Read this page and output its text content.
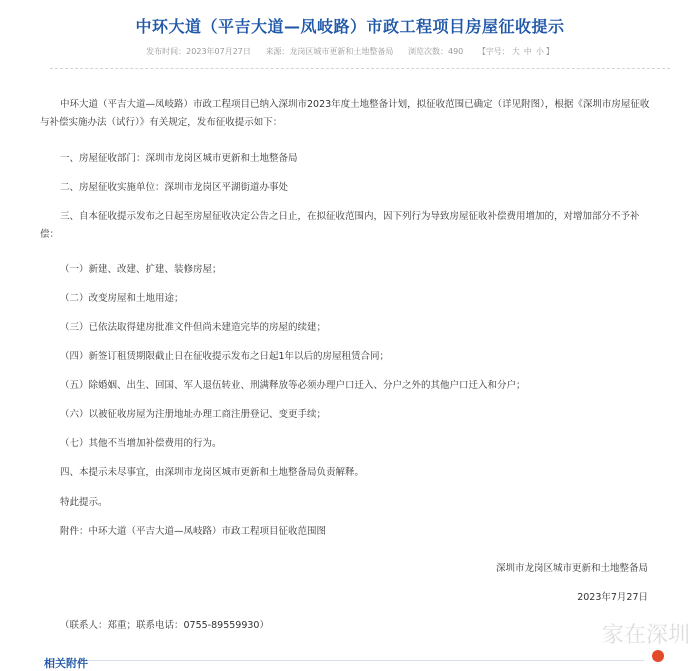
中环大道（平吉大道—凤岐路）市政工程项目房屋征收提示
发布时间：2023年07月27日 来源：龙岗区城市更新和土地整备局 浏览次数：490 【字号： 大 中 小 】
中环大道（平吉大道—凤岐路）市政工程项目已纳入深圳市2023年度土地整备计划，拟征收范围已确定（详见附图），根据《深圳市房屋征收与补偿实施办法（试行）》有关规定，发布征收提示如下：
一、房屋征收部门：深圳市龙岗区城市更新和土地整备局
二、房屋征收实施单位：深圳市龙岗区平湖街道办事处
三、自本征收提示发布之日起至房屋征收决定公告之日止，在拟征收范围内，因下列行为导致房屋征收补偿费用增加的，对增加部分不予补偿：
（一）新建、改建、扩建、装修房屋；
（二）改变房屋和土地用途；
（三）已依法取得建房批准文件但尚未建造完毕的房屋的续建；
（四）新签订租赁期限截止日在征收提示发布之日起1年以后的房屋租赁合同；
（五）除婚姻、出生、回国、军人退伍转业、刑满释放等必须办理户口迁入、分户之外的其他户口迁入和分户；
（六）以被征收房屋为注册地址办理工商注册登记、变更手续；
（七）其他不当增加补偿费用的行为。
四、本提示未尽事宜，由深圳市龙岗区城市更新和土地整备局负责解释。
特此提示。
附件：中环大道（平吉大道—凤岐路）市政工程项目征收范围图
深圳市龙岗区城市更新和土地整备局
2023年7月27日
（联系人：郑重；联系电话：0755-89559930）
相关附件
家在深圳
